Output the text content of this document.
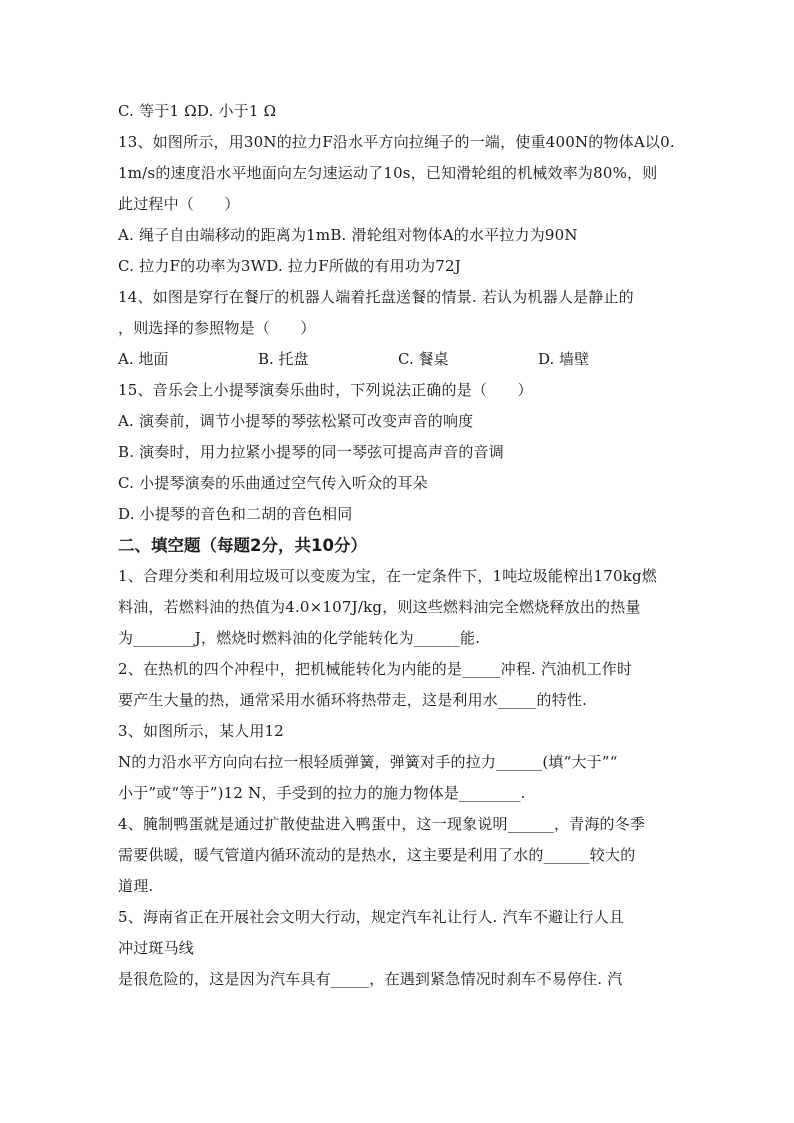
C. 等于1 ΩD. 小于1 Ω
13、如图所示，用30N的拉力F沿水平方向拉绳子的一端，使重400N的物体A以0.
1m/s的速度沿水平地面向左匀速运动了10s，已知滑轮组的机械效率为80%，则
此过程中（　　）
A. 绳子自由端移动的距离为1mB. 滑轮组对物体A的水平拉力为90N
C. 拉力F的功率为3WD. 拉力F所做的有用功为72J
14、如图是穿行在餐厅的机器人端着托盘送餐的情景. 若认为机器人是静止的
，则选择的参照物是（　　）
A. 地面	B. 托盘	C. 餐桌	D. 墙壁
15、音乐会上小提琴演奏乐曲时，下列说法正确的是（　　）
A. 演奏前，调节小提琴的琴弦松紧可改变声音的响度
B. 演奏时，用力拉紧小提琴的同一琴弦可提高声音的音调
C. 小提琴演奏的乐曲通过空气传入听众的耳朵
D. 小提琴的音色和二胡的音色相同
二、填空题（每题2分，共10分）
1、合理分类和利用垃圾可以变废为宝，在一定条件下，1吨垃圾能榨出170kg燃
料油，若燃料油的热值为4.0×107J/kg，则这些燃料油完全燃烧释放出的热量
为________J，燃烧时燃料油的化学能转化为______能.
2、在热机的四个冲程中，把机械能转化为内能的是_____冲程. 汽油机工作时
要产生大量的热，通常采用水循环将热带走，这是利用水_____的特性.
3、如图所示，某人用12
N的力沿水平方向向右拉一根轻质弹簧，弹簧对手的拉力______(填“大于”“
小于”或“等于”)12 N，手受到的拉力的施力物体是________.
4、腌制鸭蛋就是通过扩散使盐进入鸭蛋中，这一现象说明______，青海的冬季
需要供暖，暖气管道内循环流动的是热水，这主要是利用了水的______较大的
道理.
5、海南省正在开展社会文明大行动，规定汽车礼让行人. 汽车不避让行人且
冲过斑马线
是很危险的，这是因为汽车具有_____，在遇到紧急情况时刹车不易停住. 汽
